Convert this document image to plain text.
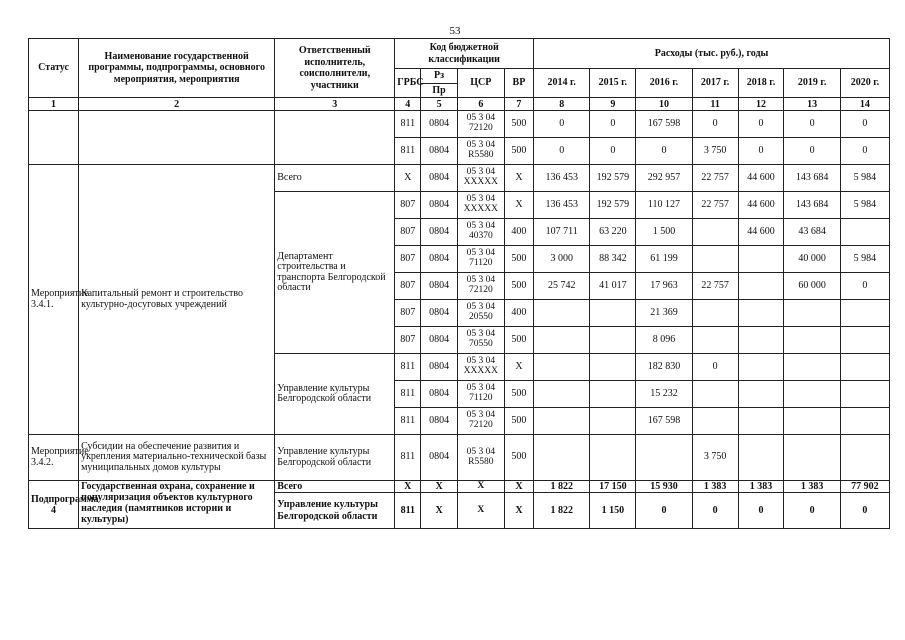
53
Статус	Наименование государственной программы, подпрограммы, основного мероприятия, мероприятия	Ответственный исполнитель, соисполнители, участники	Код бюджетной классификации				Расходы (тыс. руб.), годы						
			ГРБС	Рз	ЦСР	ВР	2014 г.	2015 г.	2016 г.	2017 г.	2018 г.	2019 г.	2020 г.
				Пр									
1	2	3	4	5	6	7	8	9	10	11	12	13	14
			811	0804	05 3 04 72120	500	0	0	167 598	0	0	0	0
			811	0804	05 3 04 R5580	500	0	0	0	3 750	0	0	0
Мероприятие 3.4.1.	Капитальный ремонт и строительство культурно-досуговых учреждений	Всего	Х	0804	05 3 04 ХХХХХ	Х	136 453	192 579	292 957	22 757	44 600	143 684	5 984
		Департамент строительства и транспорта Белгородской области	807	0804	05 3 04 ХХХХХ	Х	136 453	192 579	110 127	22 757	44 600	143 684	5 984
			807	0804	05 3 04 40370	400	107 711	63 220	1 500		44 600	43 684	
			807	0804	05 3 04 71120	500	3 000	88 342	61 199			40 000	5 984
			807	0804	05 3 04 72120	500	25 742	41 017	17 963	22 757		60 000	0
			807	0804	05 3 04 20550	400			21 369				
			807	0804	05 3 04 70550	500			8 096				
		Управление культуры Белгородской области	811	0804	05 3 04 ХХХХХ	Х			182 830	0			
			811	0804	05 3 04 71120	500			15 232				
			811	0804	05 3 04 72120	500			167 598				
Мероприятие 3.4.2.	Субсидии на обеспечение развития и укрепления материально-технической базы муниципальных домов культуры	Управление культуры Белгородской области	811	0804	05 3 04 R5580	500				3 750			
Подпрограмма 4	Государственная охрана, сохранение и популяризация объектов культурного наследия (памятников истории и культуры)	Всего	Х	Х	Х	Х	1 822	17 150	15 930	1 383	1 383	1 383	77 902
		Управление культуры Белгородской области	811	Х	Х	Х	1 822	1 150	0	0	0	0	0
